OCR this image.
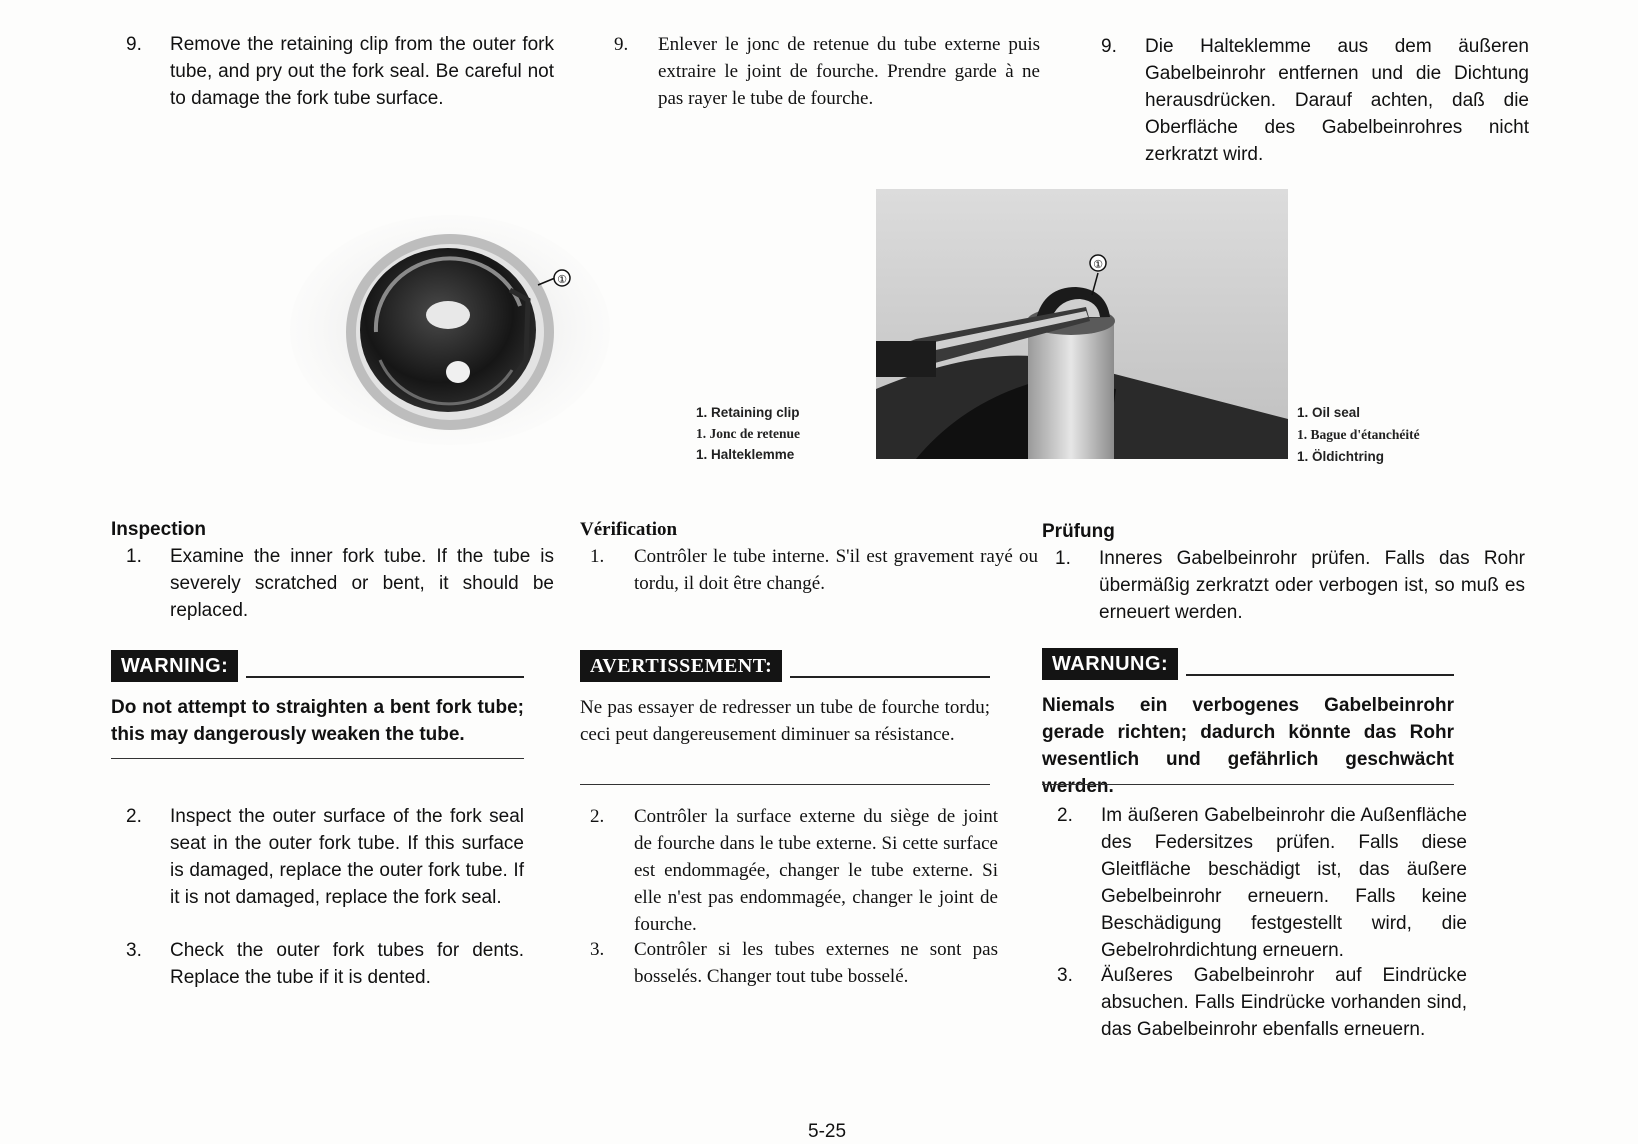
9. Remove the retaining clip from the outer fork tube, and pry out the fork seal. Be careful not to damage the fork tube surface.
9. Enlever le jonc de retenue du tube externe puis extraire le joint de fourche. Prendre garde à ne pas rayer le tube de fourche.
9. Die Halteklemme aus dem äußeren Gabelbeinrohr entfernen und die Dichtung herausdrücken. Darauf achten, daß die Oberfläche des Gabelbeinrohres nicht zerkratzt wird.
①
1. Retaining clip
1. Jonc de retenue
1. Halteklemme
①
1. Oil seal
1. Bague d'étanchéité
1. Öldichtring
Inspection
1. Examine the inner fork tube. If the tube is severely scratched or bent, it should be replaced.
Vérification
1. Contrôler le tube interne. S'il est gravement rayé ou tordu, il doit être changé.
Prüfung
1. Inneres Gabelbeinrohr prüfen. Falls das Rohr übermäßig zerkratzt oder verbogen ist, so muß es erneuert werden.
WARNING:
Do not attempt to straighten a bent fork tube; this may dangerously weaken the tube.
AVERTISSEMENT:
Ne pas essayer de redresser un tube de fourche tordu; ceci peut dangereusement diminuer sa résistance.
WARNUNG:
Niemals ein verbogenes Gabelbeinrohr gerade richten; dadurch könnte das Rohr wesentlich und gefährlich geschwächt werden.
2. Inspect the outer surface of the fork seal seat in the outer fork tube. If this surface is damaged, replace the outer fork tube. If it is not damaged, replace the fork seal.
3. Check the outer fork tubes for dents. Replace the tube if it is dented.
2. Contrôler la surface externe du siège de joint de fourche dans le tube externe. Si cette surface est endommagée, changer le tube externe. Si elle n'est pas endommagée, changer le joint de fourche.
3. Contrôler si les tubes externes ne sont pas bosselés. Changer tout tube bosselé.
2. Im äußeren Gabelbeinrohr die Außenfläche des Federsitzes prüfen. Falls diese Gleitfläche beschädigt ist, das äußere Gebelbeinrohr erneuern. Falls keine Beschädigung festgestellt wird, die Gebelrohrdichtung erneuern.
3. Äußeres Gabelbeinrohr auf Eindrücke absuchen. Falls Eindrücke vorhanden sind, das Gabelbeinrohr ebenfalls erneuern.
5-25
